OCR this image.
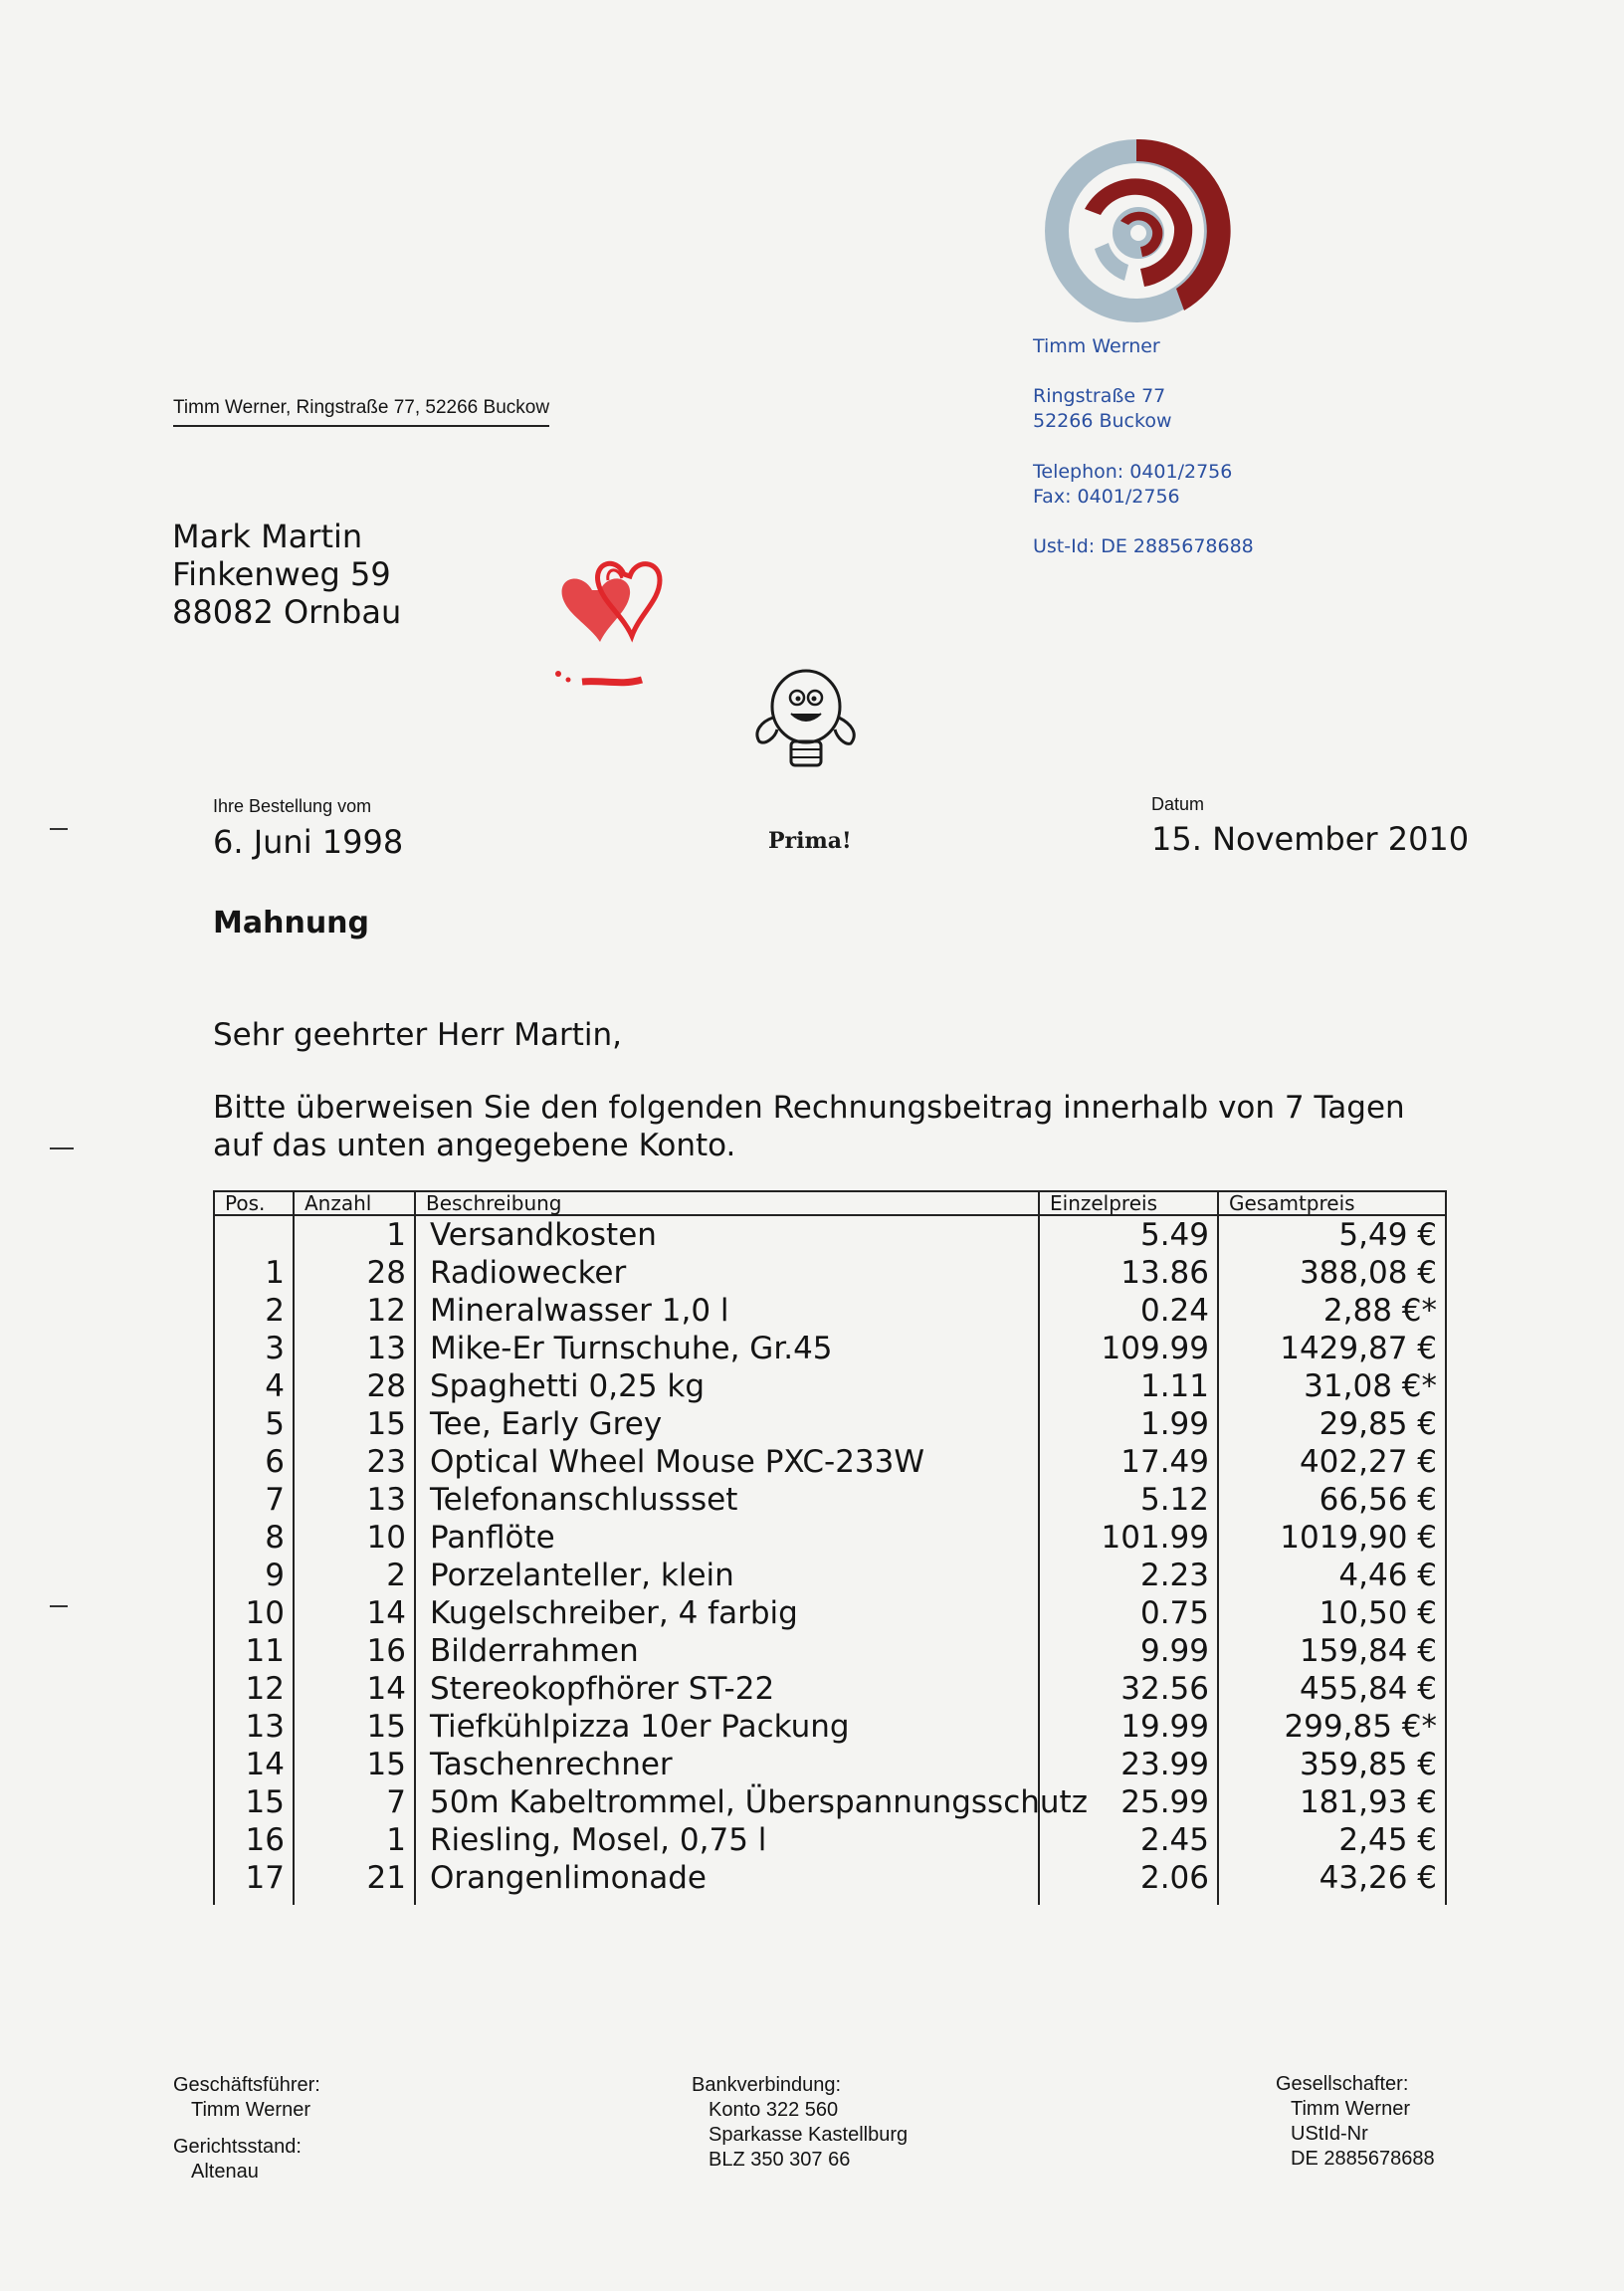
Timm Werner
Ringstraße 77
52266 Buckow
Telephon: 0401/2756
Fax: 0401/2756
Ust-Id: DE 2885678688
Timm Werner, Ringstraße 77, 52266 Buckow
Mark Martin
Finkenweg 59
88082 Ornbau
Prima!
Ihre Bestellung vom
6. Juni 1998
Datum
15. November 2010
Mahnung
Sehr geehrter Herr Martin,
Bitte überweisen Sie den folgenden Rechnungsbeitrag innerhalb von 7 Tagen
auf das unten angegebene Konto.
Pos.	Anzahl	Beschreibung	Einzelpreis	Gesamtpreis
	1	Versandkosten	5.49	5,49 €
1	28	Radiowecker	13.86	388,08 €
2	12	Mineralwasser 1,0 l	0.24	2,88 €*
3	13	Mike-Er Turnschuhe, Gr.45	109.99	1429,87 €
4	28	Spaghetti 0,25 kg	1.11	31,08 €*
5	15	Tee, Early Grey	1.99	29,85 €
6	23	Optical Wheel Mouse PXC-233W	17.49	402,27 €
7	13	Telefonanschlussset	5.12	66,56 €
8	10	Panflöte	101.99	1019,90 €
9	2	Porzelanteller, klein	2.23	4,46 €
10	14	Kugelschreiber, 4 farbig	0.75	10,50 €
11	16	Bilderrahmen	9.99	159,84 €
12	14	Stereokopfhörer ST-22	32.56	455,84 €
13	15	Tiefkühlpizza 10er Packung	19.99	299,85 €*
14	15	Taschenrechner	23.99	359,85 €
15	7	50m Kabeltrommel, Überspannungsschutz	25.99	181,93 €
16	1	Riesling, Mosel, 0,75 l	2.45	2,45 €
17	21	Orangenlimonade	2.06	43,26 €

Geschäftsführer:
Timm Werner
Gerichtsstand:
Altenau
Bankverbindung:
Konto 322 560
Sparkasse Kastellburg
BLZ 350 307 66
Gesellschafter:
Timm Werner
UStId-Nr
DE 2885678688
